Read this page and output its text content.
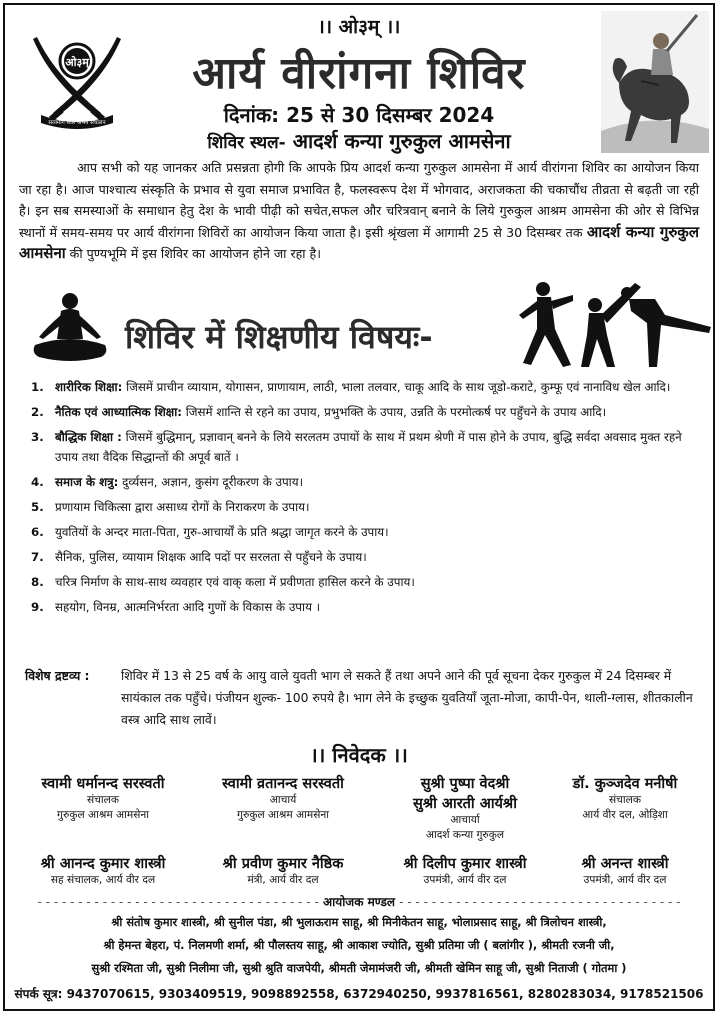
ओ३म्
सत्यमार्ग शील अभय संचालन
।। ओ३म् ।।
आर्य वीरांगना शिविर
दिनांक: 25 से 30 दिसम्बर 2024
शिविर स्थल- आदर्श कन्या गुरुकुल आमसेना
आप सभी को यह जानकर अति प्रसन्नता होगी कि आपके प्रिय आदर्श कन्या गुरुकुल आमसेना में आर्य वीरांगना शिविर का आयोजन किया जा रहा है। आज पाश्चात्य संस्कृति के प्रभाव से युवा समाज प्रभावित है, फलस्वरूप देश में भोगवाद, अराजकता की चकाचौंध तीव्रता से बढ़ती जा रही है। इन सब समस्याओं के समाधान हेतु देश के भावी पीढ़ी को सचेत,सफल और चरित्रवान् बनाने के लिये गुरुकुल आश्रम आमसेना की ओर से विभिन्न स्थानों में समय-समय पर आर्य वीरांगना शिविरों का आयोजन किया जाता है। इसी श्रृंखला में आगामी 25 से 30 दिसम्बर तक आदर्श कन्या गुरुकुल आमसेना की पुण्यभूमि में इस शिविर का आयोजन होने जा रहा है।
शिविर में शिक्षणीय विषयः-
1. शारीरिक शिक्षा: जिसमें प्राचीन व्यायाम, योगासन, प्राणायाम, लाठी, भाला तलवार, चाकू आदि के साथ जूडो-कराटे, कुम्फू एवं नानाविध खेल आदि।
2. नैतिक एवं आध्यात्मिक शिक्षा: जिसमें शान्ति से रहने का उपाय, प्रभुभक्ति के उपाय, उन्नति के परमोत्कर्ष पर पहुँचने के उपाय आदि।
3. बौद्धिक शिक्षा : जिसमें बुद्धिमान्, प्रज्ञावान् बनने के लिये सरलतम उपायों के साथ में प्रथम श्रेणी में पास होने के उपाय, बुद्धि सर्वदा अवसाद मुक्त रहने उपाय तथा वैदिक सिद्धान्तों की अपूर्व बातें ।
4. समाज के शत्रु: दुर्व्यसन, अज्ञान, कुसंग दूरीकरण के उपाय।
5. प्रणायाम चिकित्सा द्वारा असाध्य रोगों के निराकरण के उपाय।
6. युवतियों के अन्दर माता-पिता, गुरु-आचार्यों के प्रति श्रद्धा जागृत करने के उपाय।
7. सैनिक, पुलिस, व्यायाम शिक्षक आदि पदों पर सरलता से पहुँचने के उपाय।
8. चरित्र निर्माण के साथ-साथ व्यवहार एवं वाक् कला में प्रवीणता हासिल करने के उपाय।
9. सहयोग, विनम्र, आत्मनिर्भरता आदि गुणों के विकास के उपाय ।
विशेष द्रष्टव्य :	शिविर में 13 से 25 वर्ष के आयु वाले युवती भाग ले सकते हैं तथा अपने आने की पूर्व सूचना देकर गुरुकुल में 24 दिसम्बर में सायंकाल तक पहुँचे। पंजीयन शुल्क- 100 रुपये है। भाग लेने के इच्छुक युवतियाँ जूता-मोजा, कापी-पेन, थाली-ग्लास, शीतकालीन वस्त्र आदि साथ लावें।
।। निवेदक ।।
स्वामी धर्मानन्द सरस्वती
संचालक
गुरुकुल आश्रम आमसेना
स्वामी व्रतानन्द सरस्वती
आचार्य
गुरुकुल आश्रम आमसेना
सुश्री पुष्पा वेदश्री
सुश्री आरती आर्यश्री
आचार्या
आदर्श कन्या गुरुकुल
डॉ. कुञ्जदेव मनीषी
संचालक
आर्य वीर दल, ओड़िशा
श्री आनन्द कुमार शास्त्री
सह संचालक, आर्य वीर दल
श्री प्रवीण कुमार नैष्ठिक
मंत्री, आर्य वीर दल
श्री दिलीप कुमार शास्त्री
उपमंत्री, आर्य वीर दल
श्री अनन्त शास्त्री
उपमंत्री, आर्य वीर दल
- - - - - - - - - - - - - - - - - - - - - - - - - - - - - - - - - - - आयोजक मण्डल - - - - - - - - - - - - - - - - - - - - - - - - - - - - - - - - - - -
श्री संतोष कुमार शास्त्री, श्री सुनील पंडा, श्री भुलाऊराम साहू, श्री मिनीकेतन साहू, भोलाप्रसाद साहू, श्री त्रिलोचन शास्त्री,
श्री हेमन्त बेहरा, पं. निलमणी शर्मा, श्री पौलस्तय साहू, श्री आकाश ज्योति, सुश्री प्रतिमा जी ( बलांगीर ), श्रीमती रजनी जी,
सुश्री रश्मिता जी, सुश्री निलीमा जी, सुश्री श्रुति वाजपेयी, श्रीमती जेमामंजरी जी, श्रीमती खेमिन साहू जी, सुश्री निताजी ( गोतमा )
संपर्क सूत्र: 9437070615, 9303409519, 9098892558, 6372940250, 9937816561, 8280283034, 9178521506
